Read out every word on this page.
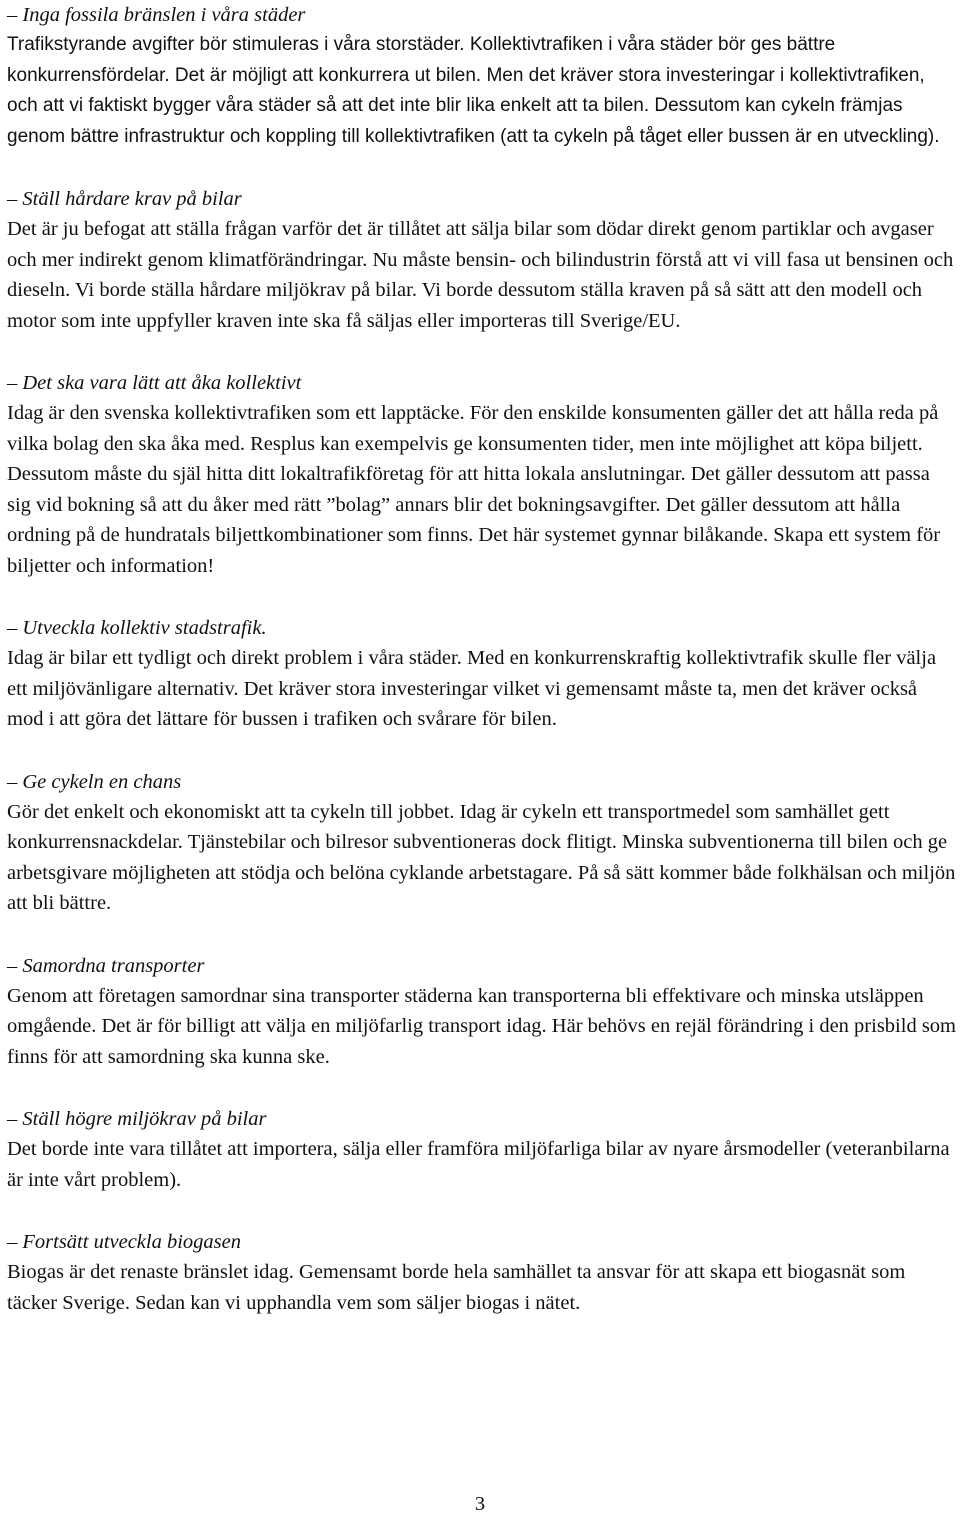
– Inga fossila bränslen i våra städer
Trafikstyrande avgifter bör stimuleras i våra storstäder. Kollektivtrafiken i våra städer bör ges bättre konkurrensfördelar. Det är möjligt att konkurrera ut bilen. Men det kräver stora investeringar i kollektivtrafiken, och att vi faktiskt bygger våra städer så att det inte blir lika enkelt att ta bilen. Dessutom kan cykeln främjas genom bättre infrastruktur och koppling till kollektivtrafiken (att ta cykeln på tåget eller bussen är en utveckling).
– Ställ hårdare krav på bilar
Det är ju befogat att ställa frågan varför det är tillåtet att sälja bilar som dödar direkt genom partiklar och avgaser och mer indirekt genom klimatförändringar. Nu måste bensin- och bilindustrin förstå att vi vill fasa ut bensinen och dieseln. Vi borde ställa hårdare miljökrav på bilar. Vi borde dessutom ställa kraven på så sätt att den modell och motor som inte uppfyller kraven inte ska få säljas eller importeras till Sverige/EU.
– Det ska vara lätt att åka kollektivt
Idag är den svenska kollektivtrafiken som ett lapptäcke. För den enskilde konsumenten gäller det att hålla reda på vilka bolag den ska åka med. Resplus kan exempelvis ge konsumenten tider, men inte möjlighet att köpa biljett. Dessutom måste du själ hitta ditt lokaltrafikföretag för att hitta lokala anslutningar. Det gäller dessutom att passa sig vid bokning så att du åker med rätt ”bolag” annars blir det bokningsavgifter. Det gäller dessutom att hålla ordning på de hundratals biljettkombinationer som finns. Det här systemet gynnar bilåkande. Skapa ett system för biljetter och information!
– Utveckla kollektiv stadstrafik.
Idag är bilar ett tydligt och direkt problem i våra städer. Med en konkurrenskraftig kollektivtrafik skulle fler välja ett miljövänligare alternativ. Det kräver stora investeringar vilket vi gemensamt måste ta, men det kräver också mod i att göra det lättare för bussen i trafiken och svårare för bilen.
– Ge cykeln en chans
Gör det enkelt och ekonomiskt att ta cykeln till jobbet. Idag är cykeln ett transportmedel som samhället gett konkurrensnackdelar. Tjänstebilar och bilresor subventioneras dock flitigt. Minska subventionerna till bilen och ge arbetsgivare möjligheten att stödja och belöna cyklande arbetstagare. På så sätt kommer både folkhälsan och miljön att bli bättre.
– Samordna transporter
Genom att företagen samordnar sina transporter städerna kan transporterna bli effektivare och minska utsläppen omgående. Det är för billigt att välja en miljöfarlig transport idag. Här behövs en rejäl förändring i den prisbild som finns för att samordning ska kunna ske.
– Ställ högre miljökrav på bilar
Det borde inte vara tillåtet att importera, sälja eller framföra miljöfarliga bilar av nyare årsmodeller (veteranbilarna är inte vårt problem).
– Fortsätt utveckla biogasen
Biogas är det renaste bränslet idag. Gemensamt borde hela samhället ta ansvar för att skapa ett biogasnät som täcker Sverige. Sedan kan vi upphandla vem som säljer biogas i nätet.
3
